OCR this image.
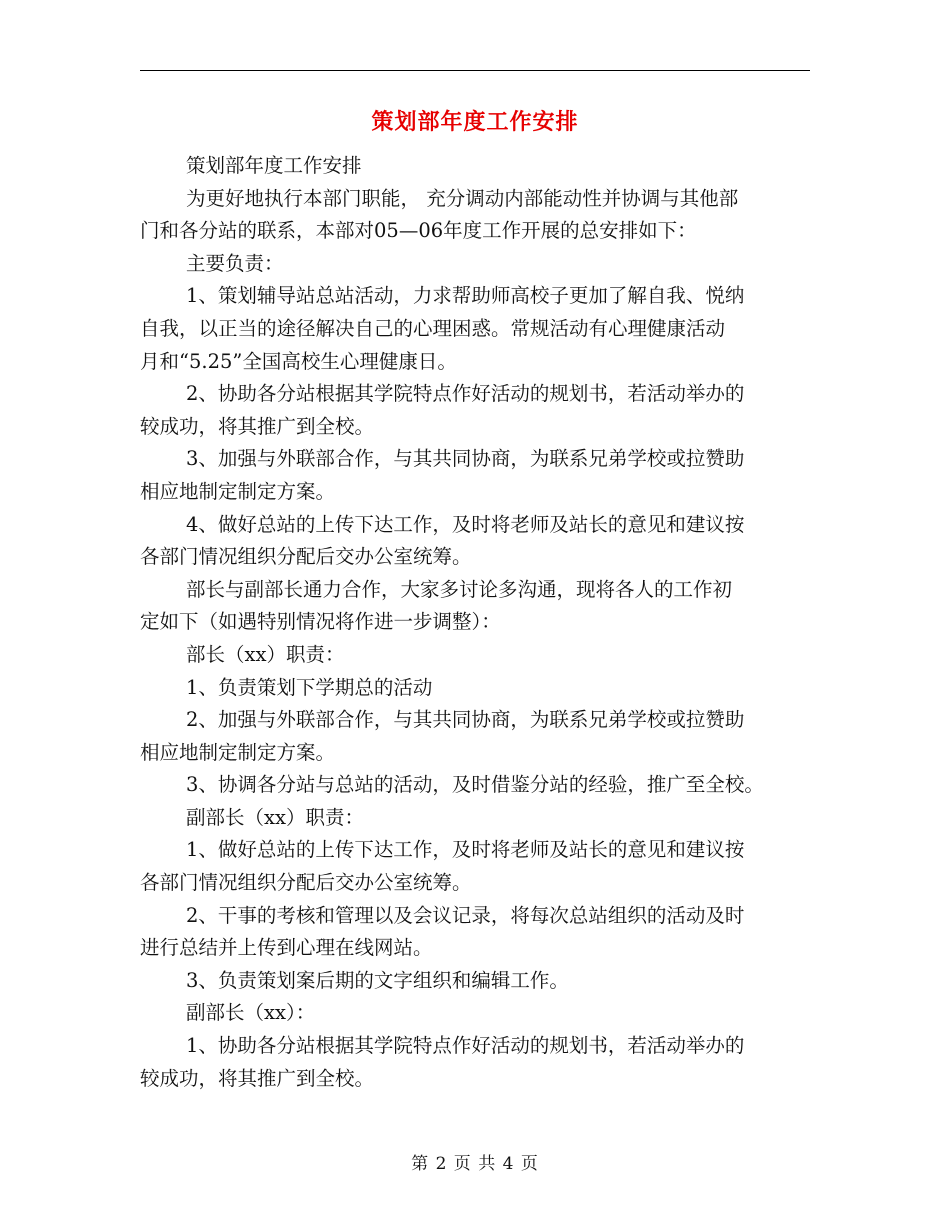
策划部年度工作安排
策划部年度工作安排
为更好地执行本部门职能， 充分调动内部能动性并协调与其他部
门和各分站的联系，本部对05—06年度工作开展的总安排如下：
主要负责：
1、策划辅导站总站活动，力求帮助师高校子更加了解自我、悦纳
自我，以正当的途径解决自己的心理困惑。常规活动有心理健康活动
月和“5.25”全国高校生心理健康日。
2、协助各分站根据其学院特点作好活动的规划书，若活动举办的
较成功，将其推广到全校。
3、加强与外联部合作，与其共同协商，为联系兄弟学校或拉赞助
相应地制定制定方案。
4、做好总站的上传下达工作，及时将老师及站长的意见和建议按
各部门情况组织分配后交办公室统筹。
部长与副部长通力合作，大家多讨论多沟通，现将各人的工作初
定如下（如遇特别情况将作进一步调整）：
部长（xx）职责：
1、负责策划下学期总的活动
2、加强与外联部合作，与其共同协商，为联系兄弟学校或拉赞助
相应地制定制定方案。
3、协调各分站与总站的活动，及时借鉴分站的经验，推广至全校。
副部长（xx）职责：
1、做好总站的上传下达工作，及时将老师及站长的意见和建议按
各部门情况组织分配后交办公室统筹。
2、干事的考核和管理以及会议记录，将每次总站组织的活动及时
进行总结并上传到心理在线网站。
3、负责策划案后期的文字组织和编辑工作。
副部长（xx）：
1、协助各分站根据其学院特点作好活动的规划书，若活动举办的
较成功，将其推广到全校。
第 2 页 共 4 页
